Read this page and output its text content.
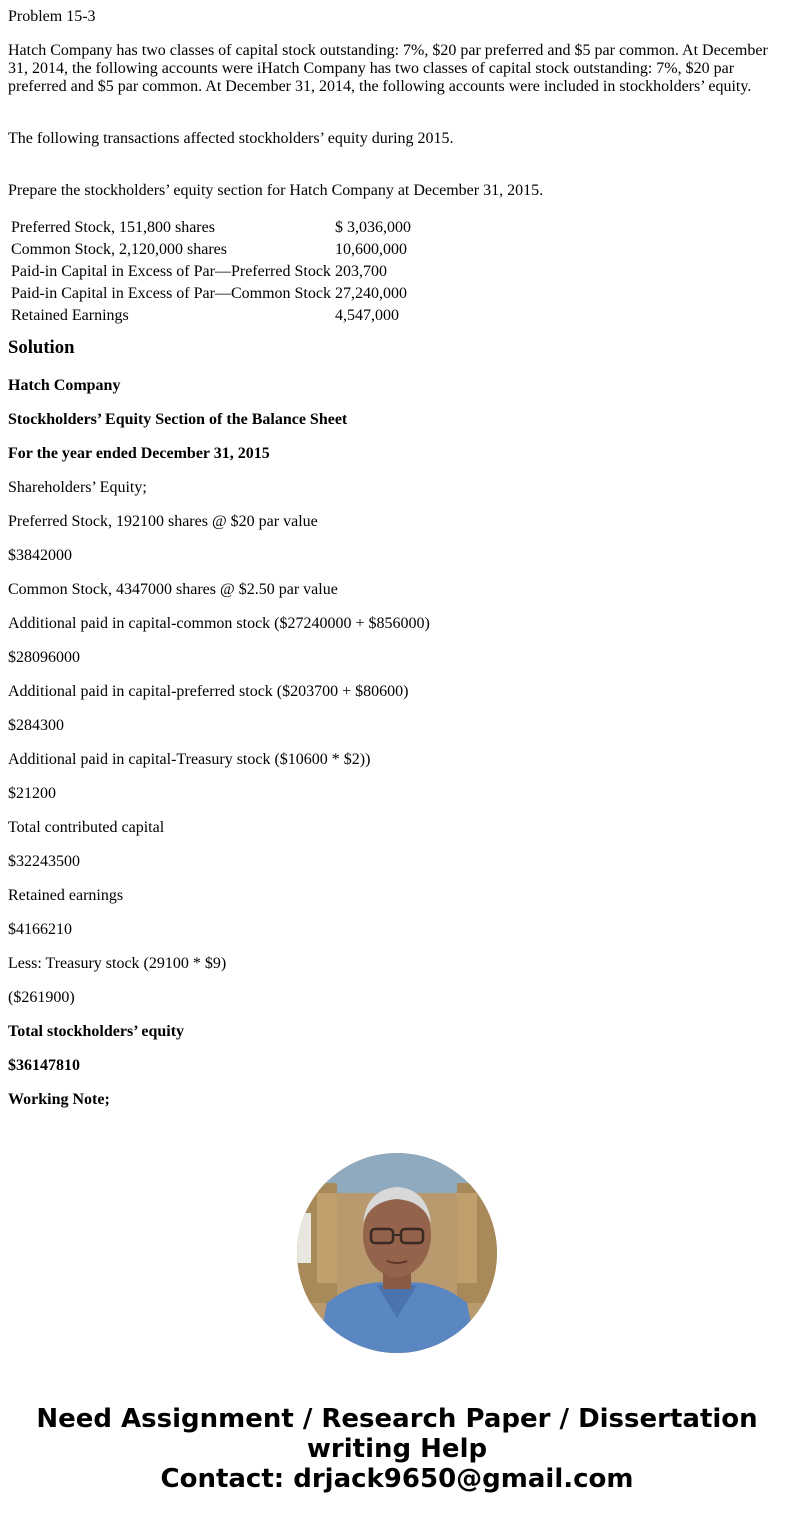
Problem 15-3

Hatch Company has two classes of capital stock outstanding: 7%, $20 par preferred and $5 par common. At December 31, 2014, the following accounts were iHatch Company has two classes of capital stock outstanding: 7%, $20 par preferred and $5 par common. At December 31, 2014, the following accounts were included in stockholders’ equity.

The following transactions affected stockholders’ equity during 2015.

Prepare the stockholders’ equity section for Hatch Company at December 31, 2015.

Preferred Stock, 151,800 shares	$ 3,036,000
Common Stock, 2,120,000 shares	10,600,000
Paid-in Capital in Excess of Par—Preferred Stock	203,700
Paid-in Capital in Excess of Par—Common Stock	27,240,000
Retained Earnings	4,547,000
Solution

Hatch Company

Stockholders’ Equity Section of the Balance Sheet

For the year ended December 31, 2015

Shareholders’ Equity;

Preferred Stock, 192100 shares @ $20 par value

$3842000

Common Stock, 4347000 shares @ $2.50 par value

Additional paid in capital-common stock ($27240000 + $856000)

$28096000

Additional paid in capital-preferred stock ($203700 + $80600)

$284300

Additional paid in capital-Treasury stock ($10600 * $2))

$21200

Total contributed capital

$32243500

Retained earnings

$4166210

Less: Treasury stock (29100 * $9)

($261900)

Total stockholders’ equity

$36147810

Working Note;

Need Assignment / Research Paper / Dissertation
writing Help
Contact: drjack9650@gmail.com
